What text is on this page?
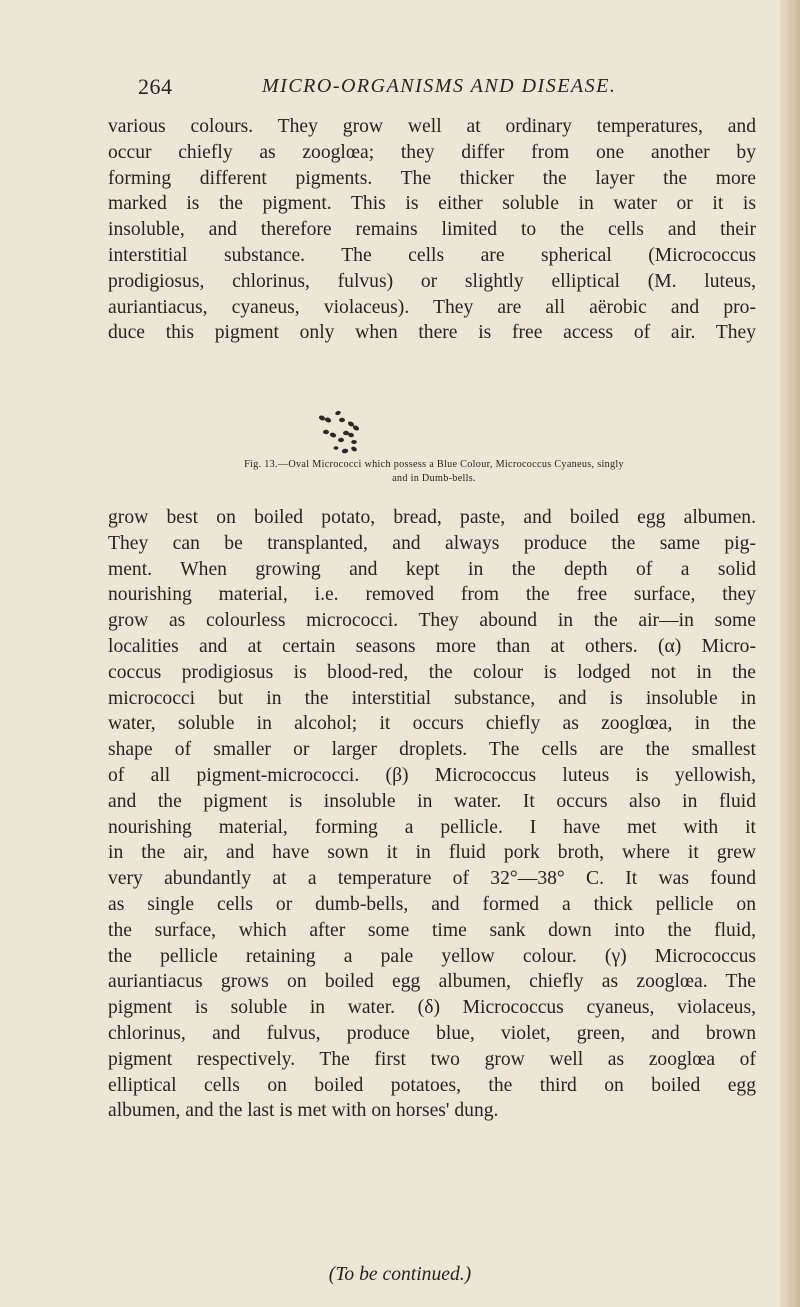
264	MICRO-ORGANISMS AND DISEASE.

various colours. They grow well at ordinary temperatures, and
occur chiefly as zooglœa; they differ from one another by
forming different pigments. The thicker the layer the more
marked is the pigment. This is either soluble in water or it is
insoluble, and therefore remains limited to the cells and their
interstitial substance. The cells are spherical (Micrococcus
prodigiosus, chlorinus, fulvus) or slightly elliptical (M. luteus,
auriantiacus, cyaneus, violaceus). They are all aërobic and pro-
duce this pigment only when there is free access of air. They

Fig. 13.—Oval Micrococci which possess a Blue Colour, Micrococcus Cyaneus, singly
and in Dumb-bells.

grow best on boiled potato, bread, paste, and boiled egg albumen.
They can be transplanted, and always produce the same pig-
ment. When growing and kept in the depth of a solid
nourishing material, i.e. removed from the free surface, they
grow as colourless micrococci. They abound in the air—in some
localities and at certain seasons more than at others. (α) Micro-
coccus prodigiosus is blood-red, the colour is lodged not in the
micrococci but in the interstitial substance, and is insoluble in
water, soluble in alcohol; it occurs chiefly as zooglœa, in the
shape of smaller or larger droplets. The cells are the smallest
of all pigment-micrococci. (β) Micrococcus luteus is yellowish,
and the pigment is insoluble in water. It occurs also in fluid
nourishing material, forming a pellicle. I have met with it
in the air, and have sown it in fluid pork broth, where it grew
very abundantly at a temperature of 32°—38° C. It was found
as single cells or dumb-bells, and formed a thick pellicle on
the surface, which after some time sank down into the fluid,
the pellicle retaining a pale yellow colour. (γ) Micrococcus
auriantiacus grows on boiled egg albumen, chiefly as zooglœa. The
pigment is soluble in water. (δ) Micrococcus cyaneus, violaceus,
chlorinus, and fulvus, produce blue, violet, green, and brown
pigment respectively. The first two grow well as zooglœa of
elliptical cells on boiled potatoes, the third on boiled egg
albumen, and the last is met with on horses' dung.

(To be continued.)
